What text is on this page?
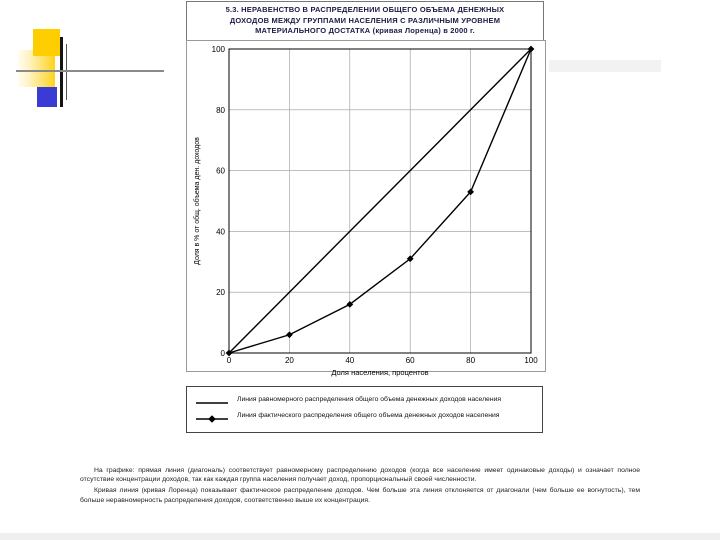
5.3. НЕРАВЕНСТВО В РАСПРЕДЕЛЕНИИ ОБЩЕГО ОБЪЕМА ДЕНЕЖНЫХ
ДОХОДОВ МЕЖДУ ГРУППАМИ НАСЕЛЕНИЯ С РАЗЛИЧНЫМ УРОВНЕМ
МАТЕРИАЛЬНОГО ДОСТАТКА (кривая Лоренца) в 2000 г.
0	20	40	60	80	100
0
20
40
60
80
100
Доля населения, процентов
Доля в % от общ. объема ден. доходов
Линия равномерного распределения общего объема денежных доходов населения
Линия фактического распределения общего объема денежных доходов населения

На графике: прямая линия (диагональ) соответствует равномерному распределению доходов (когда все население имеет одинаковые доходы) и означает полное отсутствие концентрации доходов, так как каждая группа населения получает доход, пропорциональный своей численности.

Кривая линия (кривая Лоренца) показывает фактическое распределение доходов. Чем больше эта линия отклоняется от диагонали (чем больше ее вогнутость), тем больше неравномерность распределения доходов, соответственно выше их концентрация.
